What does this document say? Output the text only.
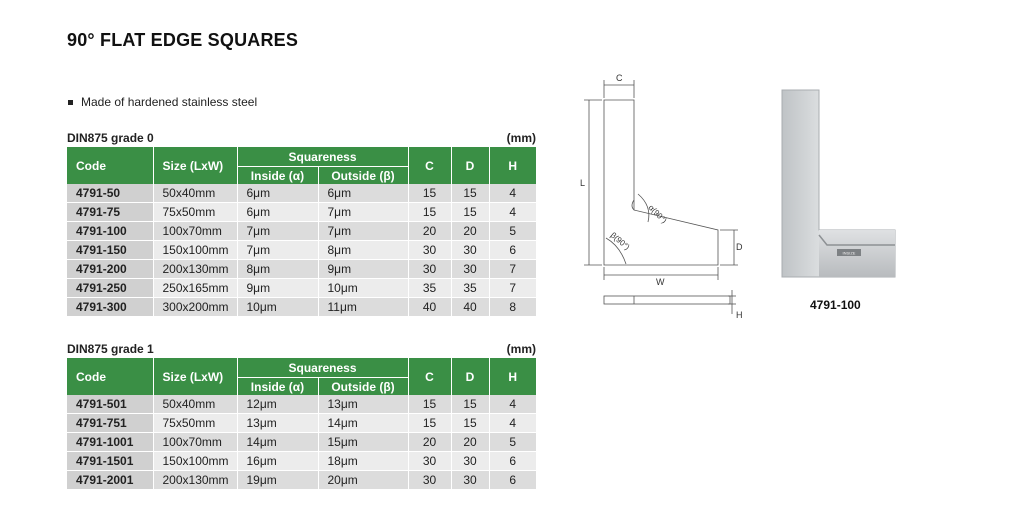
90° FLAT EDGE SQUARES
Made of hardened stainless steel
DIN875 grade 0	(mm)
Code	Size (LxW)	Squareness		C	D	H
		Inside (α)	Outside (β)			
4791-50	50x40mm	6μm	6μm	15	15	4
4791-75	75x50mm	6μm	7μm	15	15	4
4791-100	100x70mm	7μm	7μm	20	20	5
4791-150	150x100mm	7μm	8μm	30	30	6
4791-200	200x130mm	8μm	9μm	30	30	7
4791-250	250x165mm	9μm	10μm	35	35	7
4791-300	300x200mm	10μm	11μm	40	40	8
DIN875 grade 1	(mm)
Code	Size (LxW)	Squareness		C	D	H
		Inside (α)	Outside (β)			
4791-501	50x40mm	12μm	13μm	15	15	4
4791-751	75x50mm	13μm	14μm	15	15	4
4791-1001	100x70mm	14μm	15μm	20	20	5
4791-1501	150x100mm	16μm	18μm	30	30	6
4791-2001	200x130mm	19μm	20μm	30	30	6
C
L
W
D
H
α(90°)
β(90°)
INSIZE
4791-100
